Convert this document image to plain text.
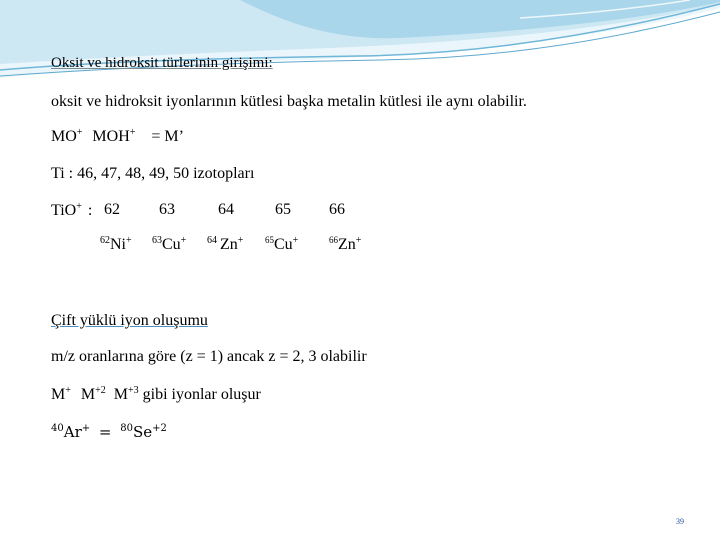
Oksit ve hidroksit türlerinin girişimi:
oksit ve hidroksit iyonlarının kütlesi başka metalin kütlesi ile aynı olabilir.
MO+ MOH+ = M’
Ti : 46, 47, 48, 49, 50 izotopları
TiO+ : 62 63	64	65 66
$^{62}$Ni+ $^{63}$Cu+ $^{64}$ Zn+ $^{65}$Cu+	$^{66}$Zn+
Çift yüklü iyon oluşumu
m/z oranlarına göre (z = 1) ancak z = 2, 3 olabilir
M+ $M^{+2}$ $M^{+3}$ gibi iyonlar oluşur
$^{40}Ar^+ = ^{80}Se^{+2}$
39
